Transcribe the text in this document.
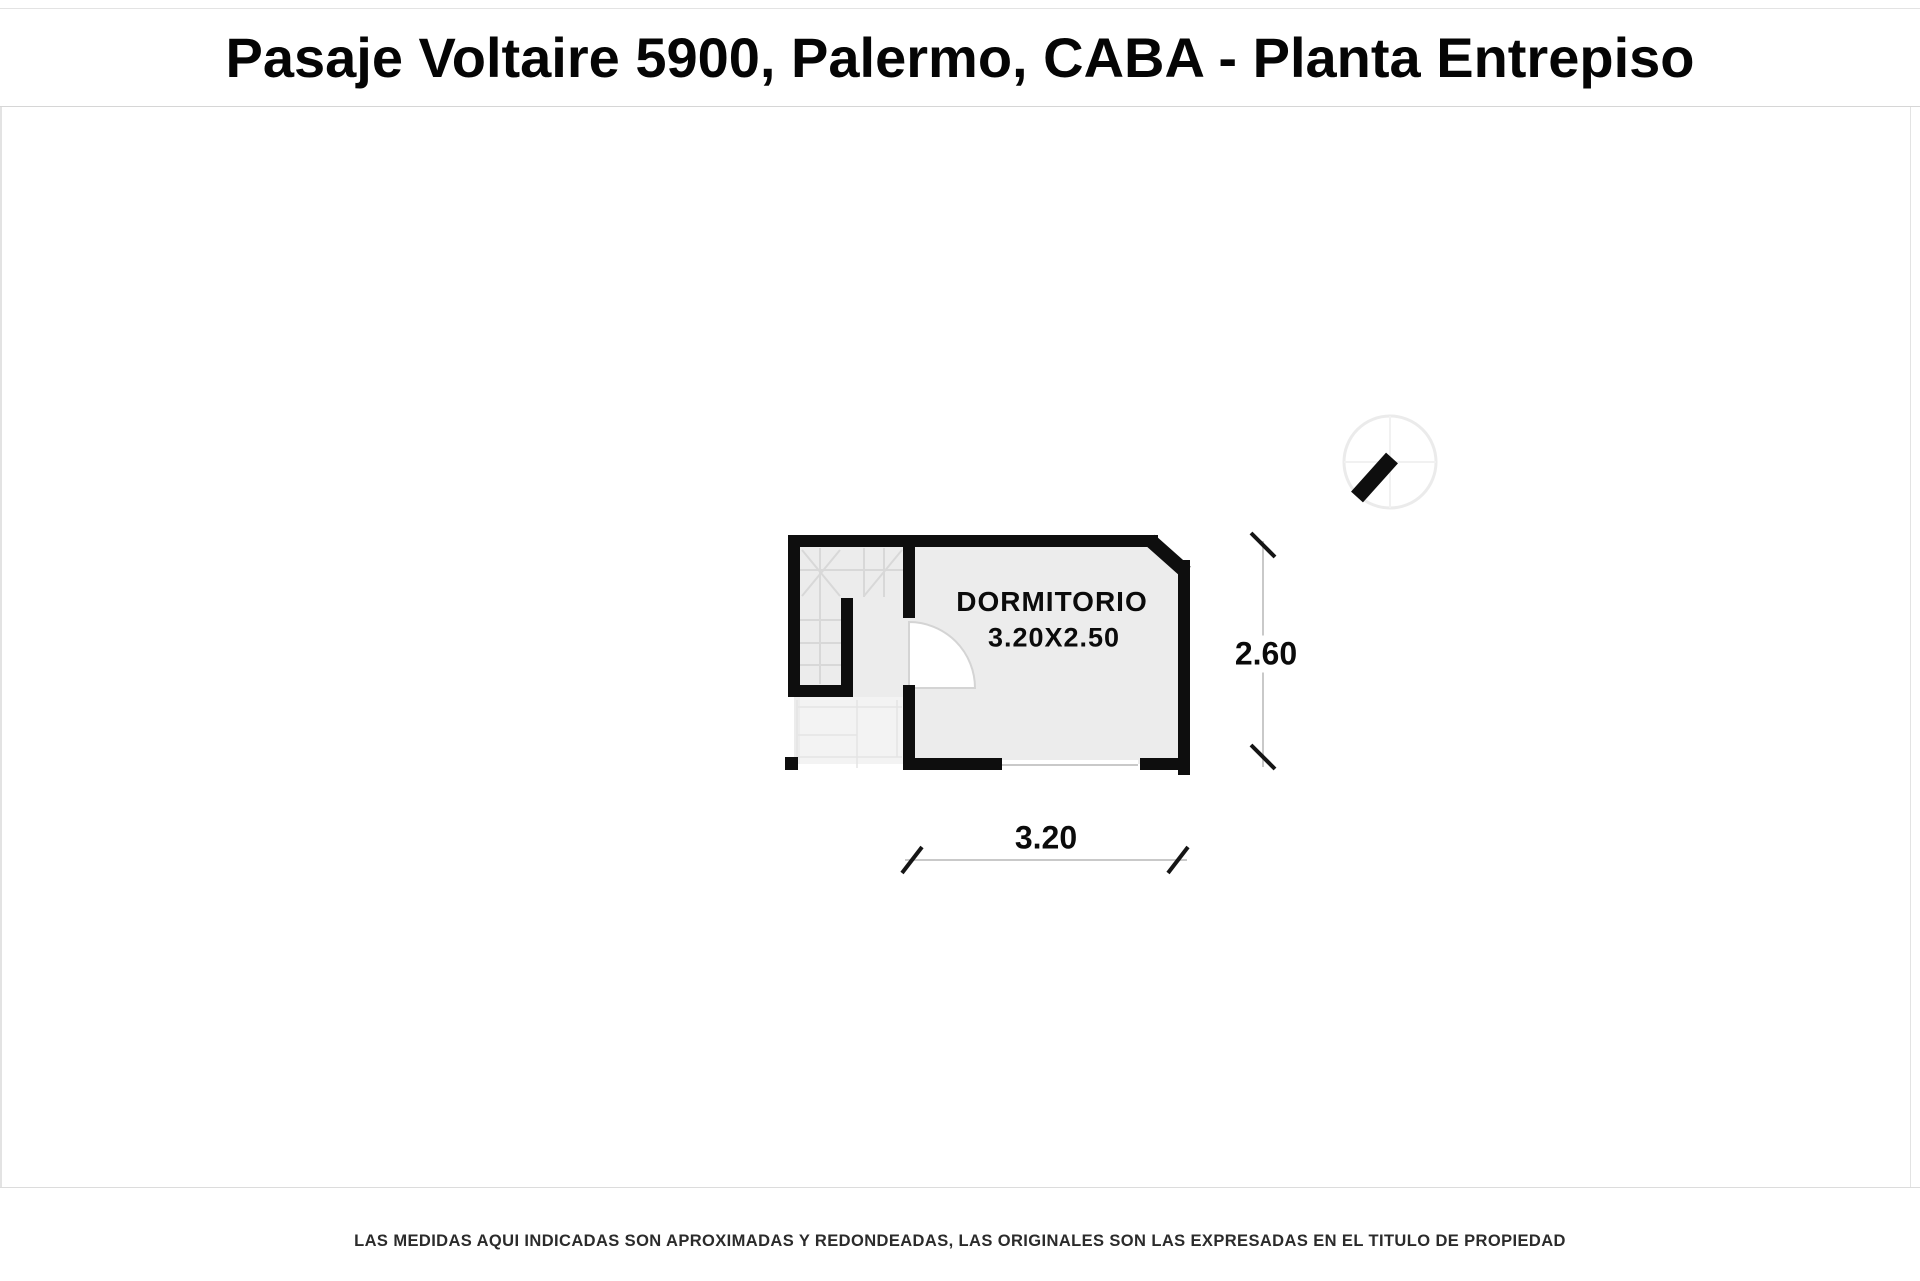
Pasaje Voltaire 5900, Palermo, CABA - Planta Entrepiso
DORMITORIO
3.20X2.50	2.60
3.20
LAS MEDIDAS AQUI INDICADAS SON APROXIMADAS Y REDONDEADAS, LAS ORIGINALES SON LAS EXPRESADAS EN EL TITULO DE PROPIEDAD
